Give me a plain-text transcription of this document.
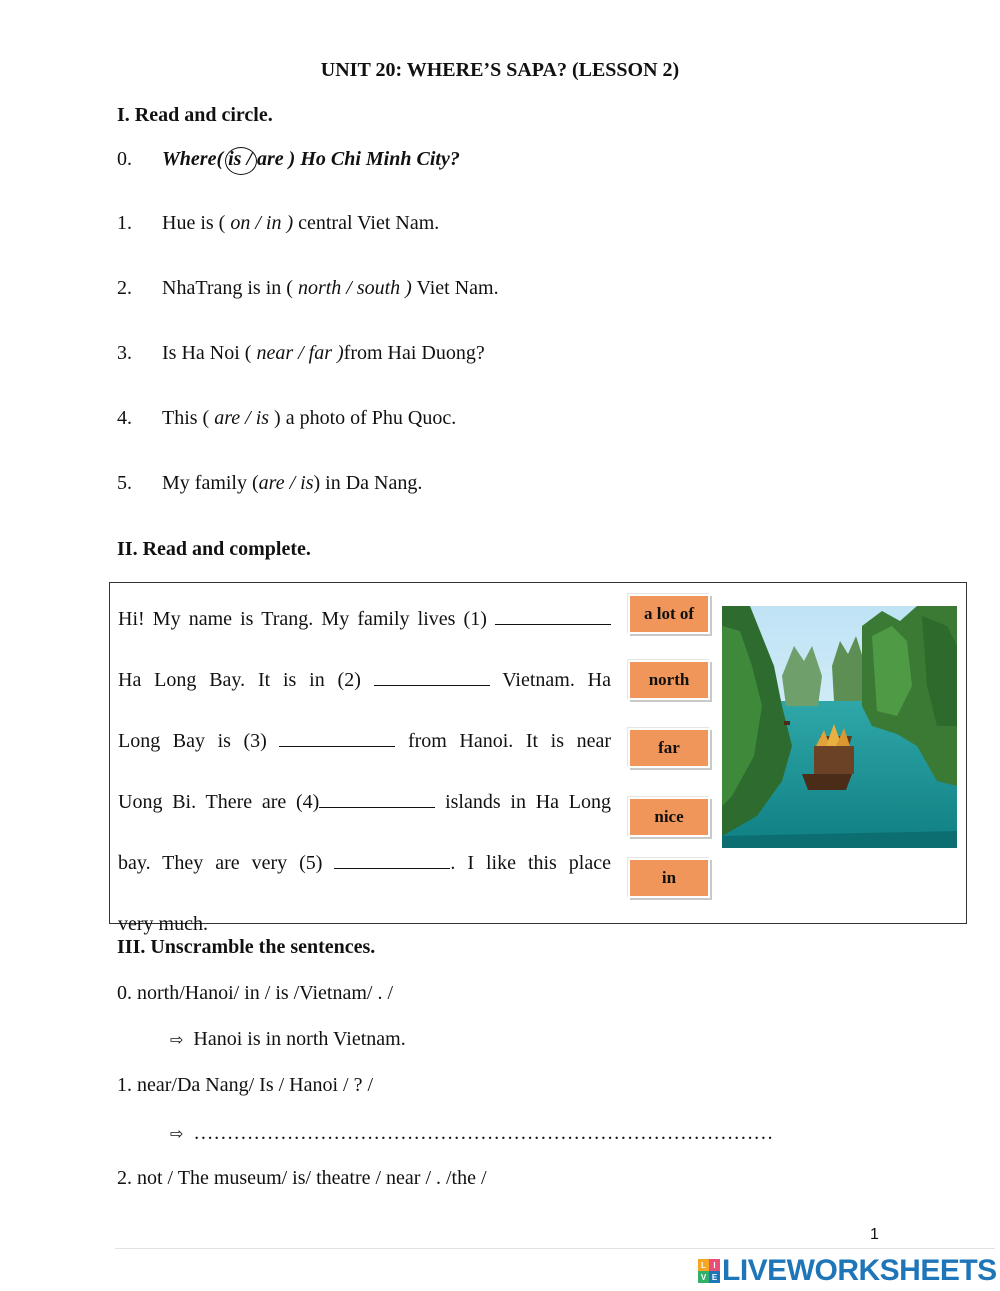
UNIT 20: WHERE’S SAPA? (LESSON 2)
I. Read and circle.
0. Where( is / are ) Ho Chi Minh City?
1. Hue is ( on / in ) central Viet Nam.
2. NhaTrang is in ( north / south ) Viet Nam.
3. Is Ha Noi ( near / far )from Hai Duong?
4. This ( are / is ) a photo of Phu Quoc.
5. My family (are / is) in Da Nang.
II. Read and complete.
Hi! My name is Trang. My family lives (1)
Ha Long Bay. It is in (2)	Vietnam. Ha
Long Bay is (3)	from Hanoi. It is near
Uong Bi. There are (4)	islands in Ha Long
bay. They are very (5)	. I like this place
very much.
a lot of
north
far
nice
in
III. Unscramble the sentences.
0. north/Hanoi/ in / is /Vietnam/ . /
⇨ Hanoi is in north Vietnam.
1. near/Da Nang/ Is / Hanoi / ? /
⇨ ……………………………………………………………………………
2. not / The museum/ is/ theatre / near / . /the /
1
L I
V E LIVEWORKSHEETS
